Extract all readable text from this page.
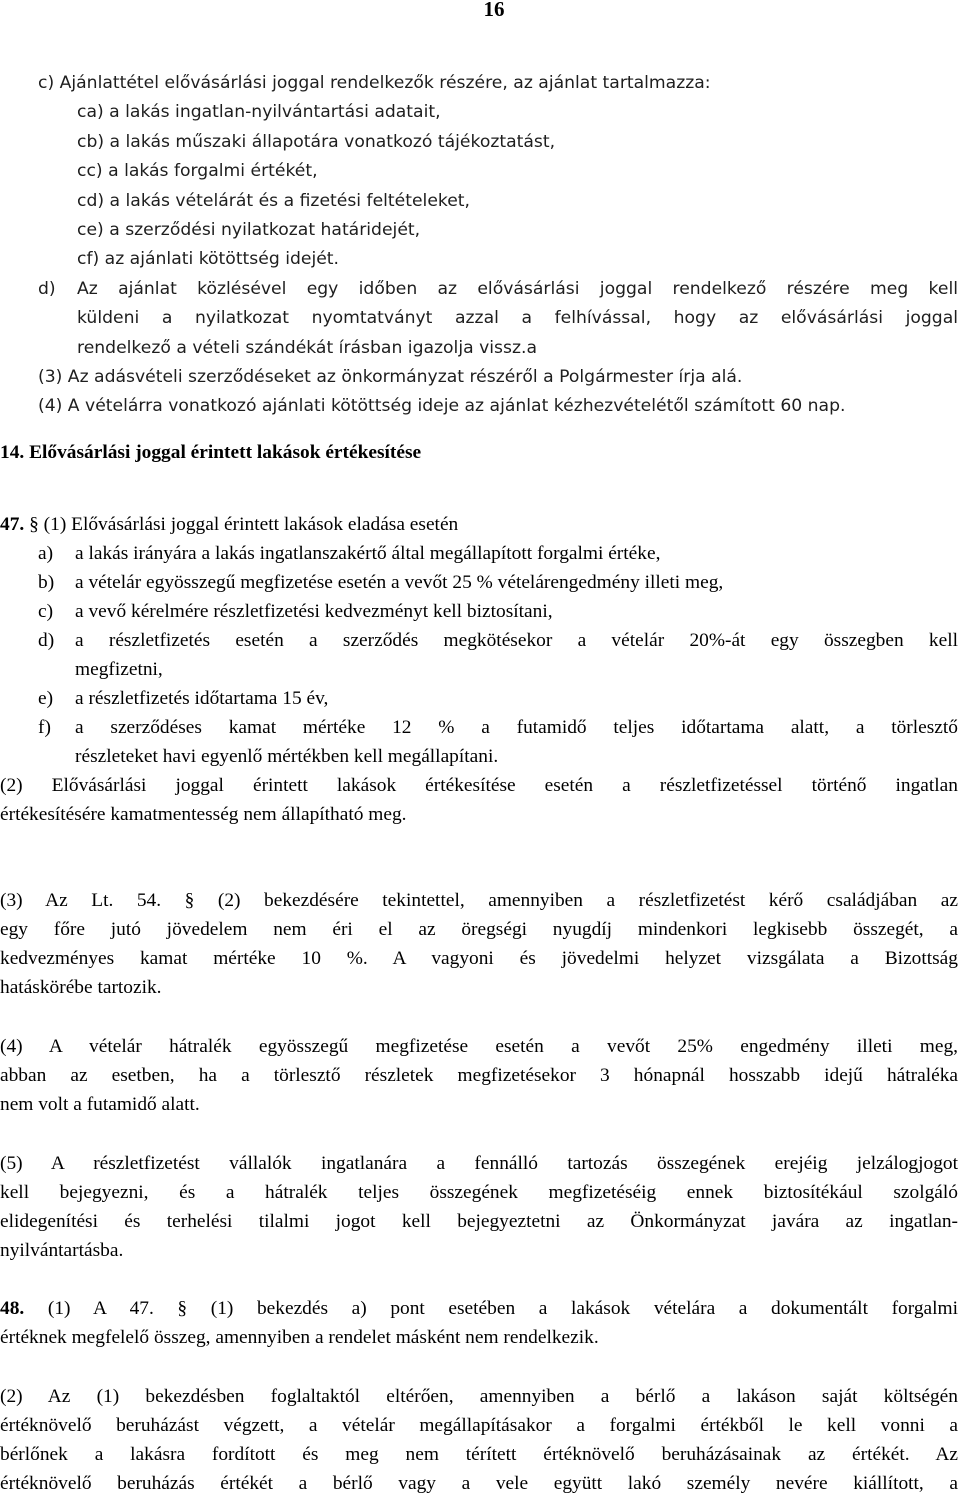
16
c) Ajánlattétel elővásárlási joggal rendelkezők részére, az ajánlat tartalmazza:
ca) a lakás ingatlan-nyilvántartási adatait,
cb) a lakás műszaki állapotára vonatkozó tájékoztatást,
cc) a lakás forgalmi értékét,
cd) a lakás vételárát és a fizetési feltételeket,
ce) a szerződési nyilatkozat határidejét,
cf) az ajánlati kötöttség idejét.
d)	Az ajánlat közlésével egy időben az elővásárlási joggal rendelkező részére meg kell
küldeni a nyilatkozat nyomtatványt azzal a felhívással, hogy az elővásárlási joggal
rendelkező a vételi szándékát írásban igazolja vissz.a
(3) Az adásvételi szerződéseket az önkormányzat részéről a Polgármester írja alá.
(4) A vételárra vonatkozó ajánlati kötöttség ideje az ajánlat kézhezvételétől számított 60 nap.
14. Elővásárlási joggal érintett lakások értékesítése
47. § (1) Elővásárlási joggal érintett lakások eladása esetén
a)	a lakás irányára a lakás ingatlanszakértő által megállapított forgalmi értéke,
b)	a vételár egyösszegű megfizetése esetén a vevőt 25 % vételárengedmény illeti meg,
c)	a vevő kérelmére részletfizetési kedvezményt kell biztosítani,
d)	a részletfizetés esetén a szerződés megkötésekor a vételár 20%-át egy összegben kell
megfizetni,
e)	a részletfizetés időtartama 15 év,
f)	a szerződéses kamat mértéke 12 % a futamidő teljes időtartama alatt, a törlesztő
részleteket havi egyenlő mértékben kell megállapítani.
(2) Elővásárlási joggal érintett lakások értékesítése esetén a részletfizetéssel történő ingatlan
értékesítésére kamatmentesség nem állapítható meg.
(3) Az Lt. 54. § (2) bekezdésére tekintettel, amennyiben a részletfizetést kérő családjában az
egy főre jutó jövedelem nem éri el az öregségi nyugdíj mindenkori legkisebb összegét, a
kedvezményes kamat mértéke 10 %. A vagyoni és jövedelmi helyzet vizsgálata a Bizottság
hatáskörébe tartozik.
(4) A vételár hátralék egyösszegű megfizetése esetén a vevőt 25% engedmény illeti meg,
abban az esetben, ha a törlesztő részletek megfizetésekor 3 hónapnál hosszabb idejű hátraléka
nem volt a futamidő alatt.
(5) A részletfizetést vállalók ingatlanára a fennálló tartozás összegének erejéig jelzálogjogot
kell bejegyezni, és a hátralék teljes összegének megfizetéséig ennek biztosítékául szolgáló
elidegenítési és terhelési tilalmi jogot kell bejegyeztetni az Önkormányzat javára az ingatlan-
nyilvántartásba.
48. (1) A 47. § (1) bekezdés a) pont esetében a lakások vételára a dokumentált forgalmi
értéknek megfelelő összeg, amennyiben a rendelet másként nem rendelkezik.
(2) Az (1) bekezdésben foglaltaktól eltérően, amennyiben a bérlő a lakáson saját költségén
értéknövelő beruházást végzett, a vételár megállapításakor a forgalmi értékből le kell vonni a
bérlőnek a lakásra fordított és meg nem térített értéknövelő beruházásainak az értékét. Az
értéknövelő beruházás értékét a bérlő vagy a vele együtt lakó személy nevére kiállított, a
